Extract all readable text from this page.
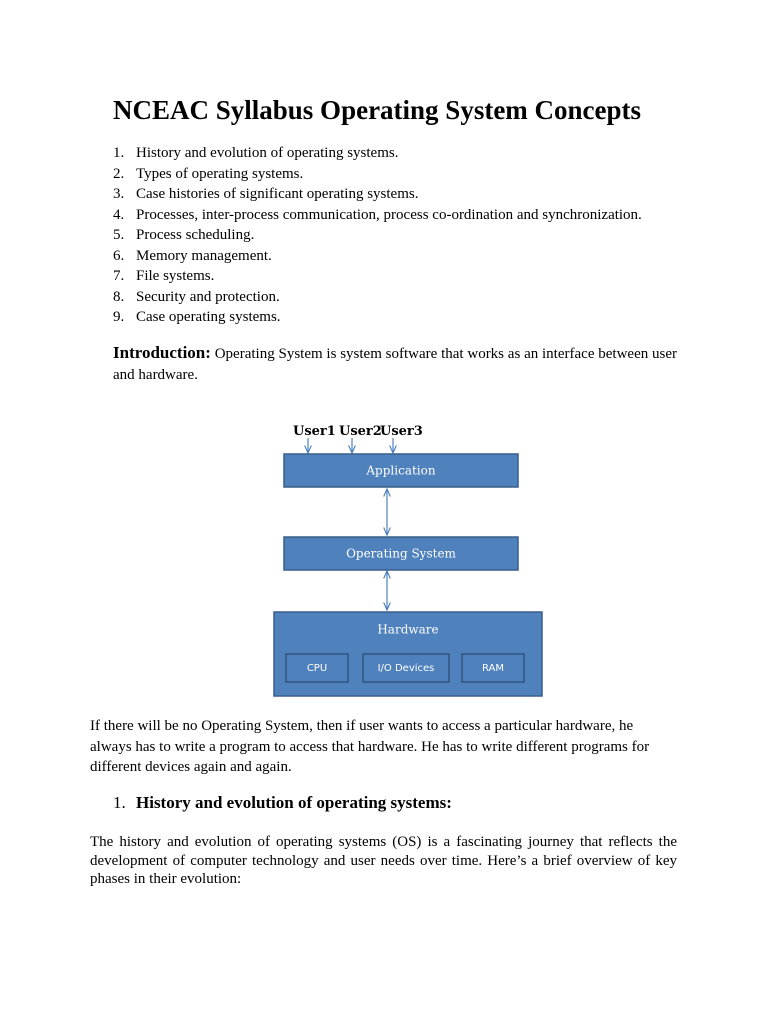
NCEAC Syllabus Operating System Concepts
1. History and evolution of operating systems.
2. Types of operating systems.
3. Case histories of significant operating systems.
4. Processes, inter-process communication, process co-ordination and synchronization.
5. Process scheduling.
6. Memory management.
7. File systems.
8. Security and protection.
9. Case operating systems.

Introduction: Operating System is system software that works as an interface between user and hardware.

User1 User2
User3
Application
Operating System
Hardware
CPU	I/O Devices	RAM

If there will be no Operating System, then if user wants to access a particular hardware, he always has to write a program to access that hardware. He has to write different programs for different devices again and again.

1. History and evolution of operating systems:

The history and evolution of operating systems (OS) is a fascinating journey that reflects the development of computer technology and user needs over time. Here’s a brief overview of key phases in their evolution:
